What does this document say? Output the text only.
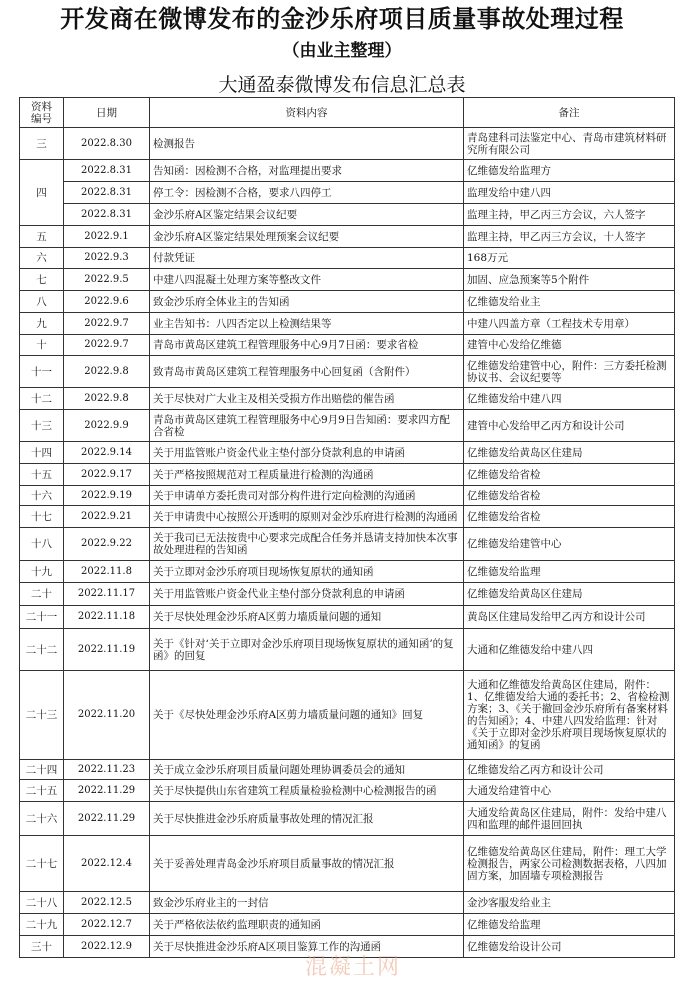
开发商在微博发布的金沙乐府项目质量事故处理过程
（由业主整理）
大通盈泰微博发布信息汇总表
资料
编号	日期	资料内容	备注
三	2022.8.30	检测报告	青岛建科司法鉴定中心、青岛市建筑材料研究所有限公司
四	2022.8.31	告知函：因检测不合格，对监理提出要求	亿维德发给监理方
	2022.8.31	停工令：因检测不合格，要求八四停工	监理发给中建八四
	2022.8.31	金沙乐府A区鉴定结果会议纪要	监理主持，甲乙丙三方会议，六人签字
五	2022.9.1	金沙乐府A区鉴定结果处理预案会议纪要	监理主持，甲乙丙三方会议，十人签字
六	2022.9.3	付款凭证	168万元
七	2022.9.5	中建八四混凝土处理方案等整改文件	加固、应急预案等5个附件
八	2022.9.6	致金沙乐府全体业主的告知函	亿维德发给业主
九	2022.9.7	业主告知书：八四否定以上检测结果等	中建八四盖方章（工程技术专用章）
十	2022.9.7	青岛市黄岛区建筑工程管理服务中心9月7日函：要求省检	建管中心发给亿维德
十一	2022.9.8	致青岛市黄岛区建筑工程管理服务中心回复函（含附件）	亿维德发给建管中心，附件：三方委托检测协议书、会议纪要等
十二	2022.9.8	关于尽快对广大业主及相关受损方作出赔偿的催告函	亿维德发给中建八四
十三	2022.9.9	青岛市黄岛区建筑工程管理服务中心9月9日告知函：要求四方配合省检	建管中心发给甲乙丙方和设计公司
十四	2022.9.14	关于用监管账户资金代业主垫付部分贷款利息的申请函	亿维德发给黄岛区住建局
十五	2022.9.17	关于严格按照规范对工程质量进行检测的沟通函	亿维德发给省检
十六	2022.9.19	关于申请单方委托贵司对部分构件进行定向检测的沟通函	亿维德发给省检
十七	2022.9.21	关于申请贵中心按照公开透明的原则对金沙乐府进行检测的沟通函	亿维德发给省检
十八	2022.9.22	关于我司已无法按贵中心要求完成配合任务并恳请支持加快本次事故处理进程的告知函	亿维德发给建管中心
十九	2022.11.8	关于立即对金沙乐府项目现场恢复原状的通知函	亿维德发给监理
二十	2022.11.17	关于用监管账户资金代业主垫付部分贷款利息的申请函	亿维德发给黄岛区住建局
二十一	2022.11.18	关于尽快处理金沙乐府A区剪力墙质量问题的通知	黄岛区住建局发给甲乙丙方和设计公司
二十二	2022.11.19	关于《针对‘关于立即对金沙乐府项目现场恢复原状的通知函’的复函》的回复	大通和亿维德发给中建八四
二十三	2022.11.20	关于《尽快处理金沙乐府A区剪力墙质量问题的通知》回复	大通和亿维德发给黄岛区住建局，附件：1、亿维德发给大通的委托书；2、省检检测方案；3、《关于撤回金沙乐府所有备案材料的告知函》；4、中建八四发给监理：针对《关于立即对金沙乐府项目现场恢复原状的通知函》的复函
二十四	2022.11.23	关于成立金沙乐府项目质量问题处理协调委员会的通知	亿维德发给乙丙方和设计公司
二十五	2022.11.29	关于尽快提供山东省建筑工程质量检验检测中心检测报告的函	大通发给建管中心
二十六	2022.11.29	关于尽快推进金沙乐府质量事故处理的情况汇报	大通发给黄岛区住建局，附件：发给中建八四和监理的邮件退回回执
二十七	2022.12.4	关于妥善处理青岛金沙乐府项目质量事故的情况汇报	亿维德发给黄岛区住建局，附件：理工大学检测报告，两家公司检测数据表格，八四加固方案，加固墙专项检测报告
二十八	2022.12.5	致金沙乐府业主的一封信	金沙客服发给业主
二十九	2022.12.7	关于严格依法依约监理职责的通知函	亿维德发给监理
三十	2022.12.9	关于尽快推进金沙乐府A区项目鉴算工作的沟通函	亿维德发给设计公司
混凝土网
